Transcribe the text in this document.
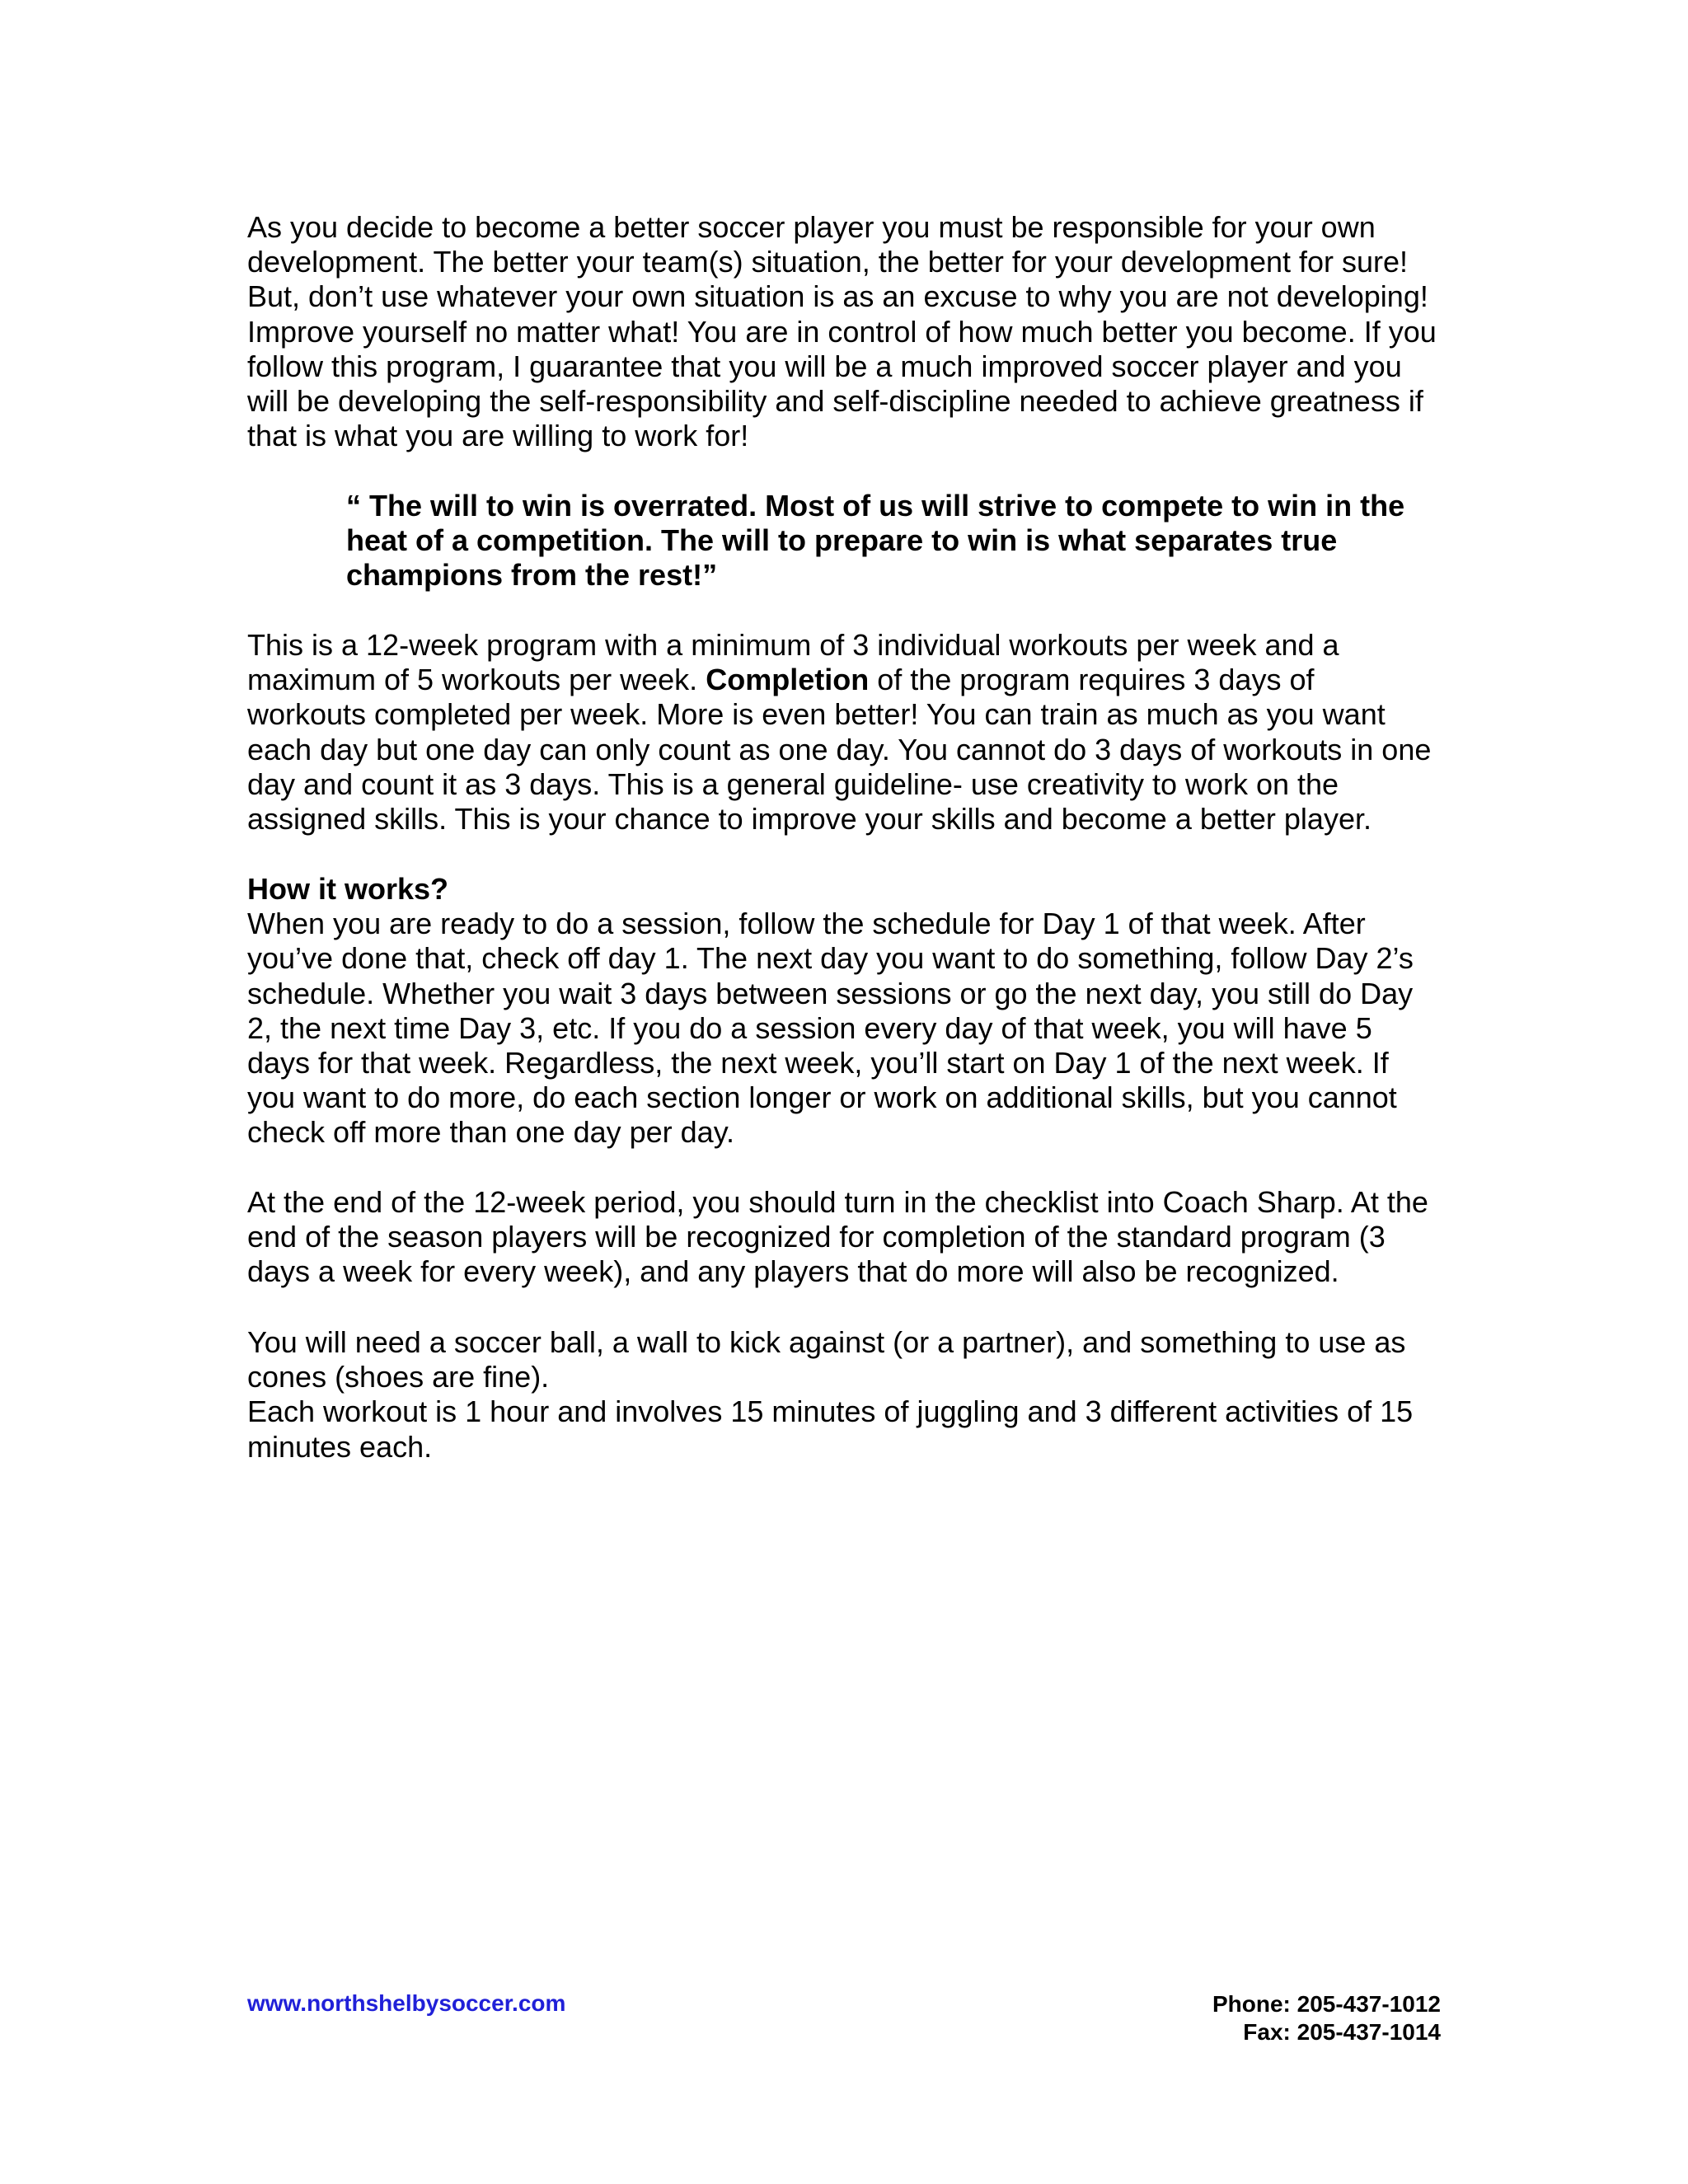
As you decide to become a better soccer player you must be responsible for your own development. The better your team(s) situation, the better for your development for sure! But, don’t use whatever your own situation is as an excuse to why you are not developing! Improve yourself no matter what! You are in control of how much better you become. If you follow this program, I guarantee that you will be a much improved soccer player and you will be developing the self-responsibility and self-discipline needed to achieve greatness if that is what you are willing to work for!

“ The will to win is overrated. Most of us will strive to compete to win in the heat of a competition. The will to prepare to win is what separates true champions from the rest!”

This is a 12-week program with a minimum of 3 individual workouts per week and a maximum of 5 workouts per week. Completion of the program requires 3 days of workouts completed per week. More is even better! You can train as much as you want each day but one day can only count as one day. You cannot do 3 days of workouts in one day and count it as 3 days. This is a general guideline- use creativity to work on the assigned skills. This is your chance to improve your skills and become a better player.

How it works?

When you are ready to do a session, follow the schedule for Day 1 of that week. After you’ve done that, check off day 1. The next day you want to do something, follow Day 2’s schedule. Whether you wait 3 days between sessions or go the next day, you still do Day 2, the next time Day 3, etc. If you do a session every day of that week, you will have 5 days for that week. Regardless, the next week, you’ll start on Day 1 of the next week. If you want to do more, do each section longer or work on additional skills, but you cannot check off more than one day per day.

At the end of the 12-week period, you should turn in the checklist into Coach Sharp. At the end of the season players will be recognized for completion of the standard program (3 days a week for every week), and any players that do more will also be recognized.

You will need a soccer ball, a wall to kick against (or a partner), and something to use as cones (shoes are fine).

Each workout is 1 hour and involves 15 minutes of juggling and 3 different activities of 15 minutes each.

www.northshelbysoccer.com	Phone: 205-437-1012
Fax: 205-437-1014
